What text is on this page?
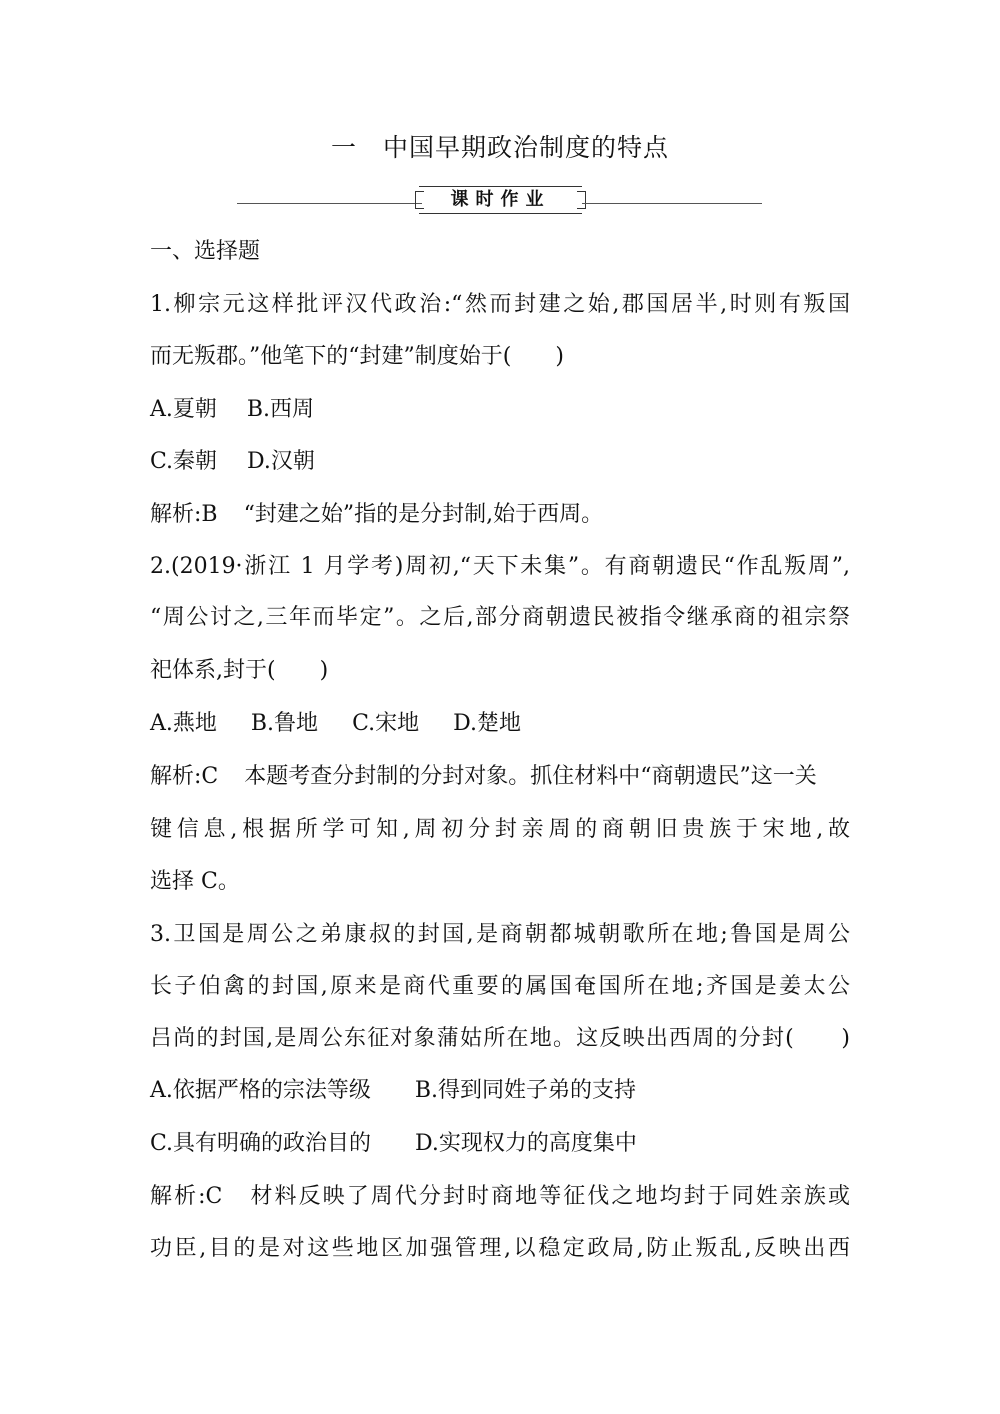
一　中国早期政治制度的特点
课时作业
一、选择题
1.柳宗元这样批评汉代政治:“然而封建之始,郡国居半,时则有叛国
而无叛郡。”他笔下的“封建”制度始于(　　)
A.夏朝 B.西周
C.秦朝 D.汉朝
解析:B “封建之始”指的是分封制,始于西周。
2.(2019·浙江 1 月学考)周初,“天下未集”。有商朝遗民“作乱叛周”,
“周公讨之,三年而毕定”。之后,部分商朝遗民被指令继承商的祖宗祭
祀体系,封于(　　)
A.燕地 B.鲁地 C.宋地 D.楚地
解析:C 本题考查分封制的分封对象。抓住材料中“商朝遗民”这一关
键信息,根据所学可知,周初分封亲周的商朝旧贵族于宋地,故
选择 C。
3.卫国是周公之弟康叔的封国,是商朝都城朝歌所在地;鲁国是周公
长子伯禽的封国,原来是商代重要的属国奄国所在地;齐国是姜太公
吕尚的封国,是周公东征对象蒲姑所在地。这反映出西周的分封(　　)
A.依据严格的宗法等级 B.得到同姓子弟的支持
C.具有明确的政治目的 D.实现权力的高度集中
解析:C 材料反映了周代分封时商地等征伐之地均封于同姓亲族或
功臣,目的是对这些地区加强管理,以稳定政局,防止叛乱,反映出西
